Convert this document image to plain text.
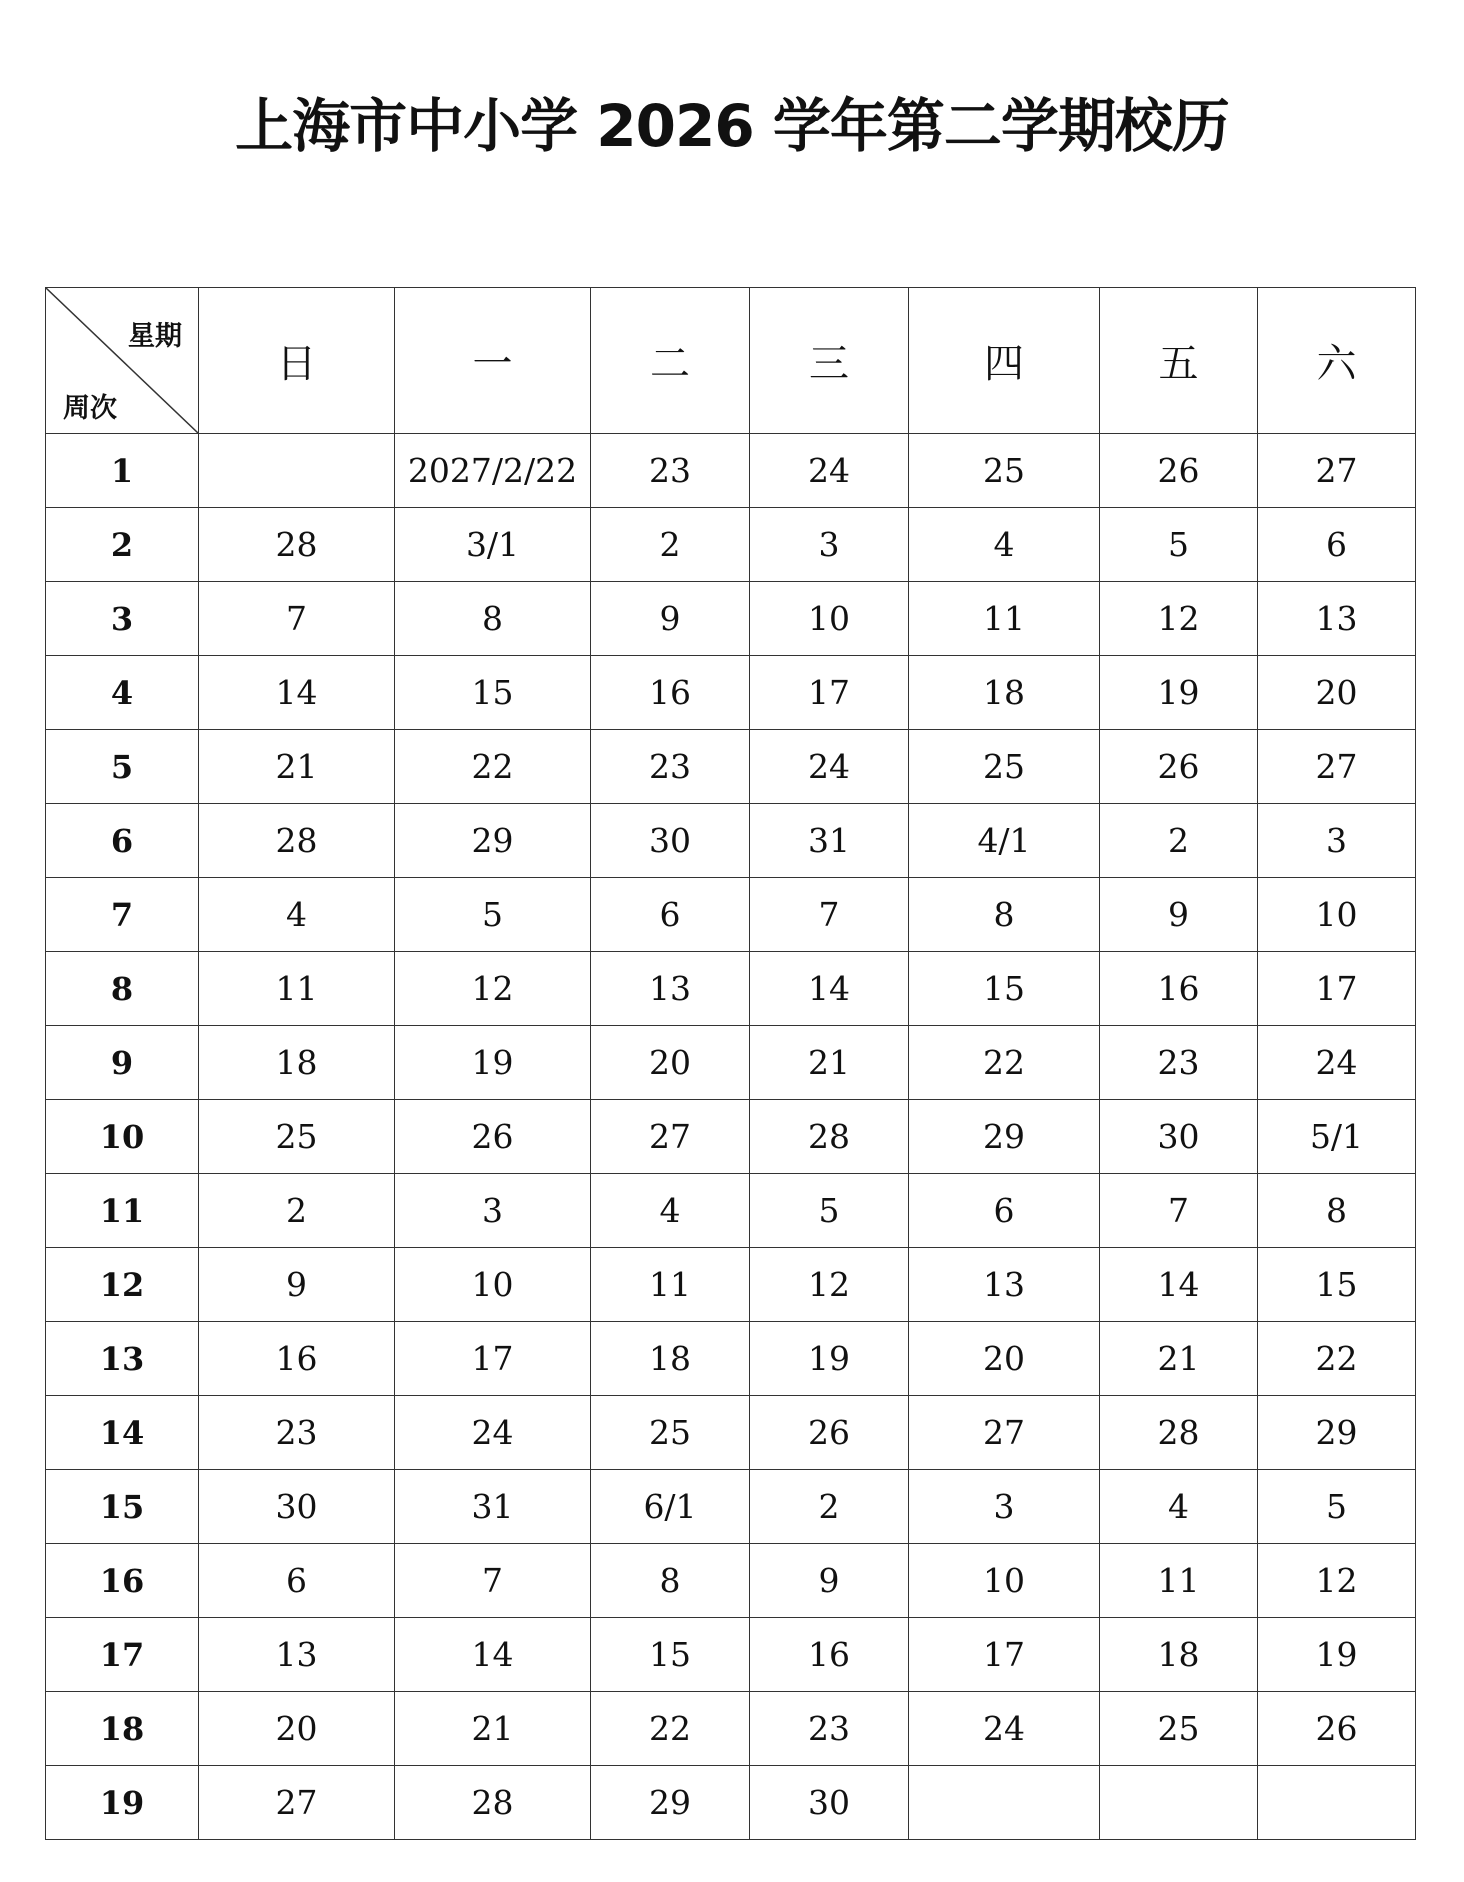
上海市中小学 2026 学年第二学期校历
星期
周次	日	一	二	三	四	五	六
1		2027/2/22	23	24	25	26	27
2	28	3/1	2	3	4	5	6
3	7	8	9	10	11	12	13
4	14	15	16	17	18	19	20
5	21	22	23	24	25	26	27
6	28	29	30	31	4/1	2	3
7	4	5	6	7	8	9	10
8	11	12	13	14	15	16	17
9	18	19	20	21	22	23	24
10	25	26	27	28	29	30	5/1
11	2	3	4	5	6	7	8
12	9	10	11	12	13	14	15
13	16	17	18	19	20	21	22
14	23	24	25	26	27	28	29
15	30	31	6/1	2	3	4	5
16	6	7	8	9	10	11	12
17	13	14	15	16	17	18	19
18	20	21	22	23	24	25	26
19	27	28	29	30			
